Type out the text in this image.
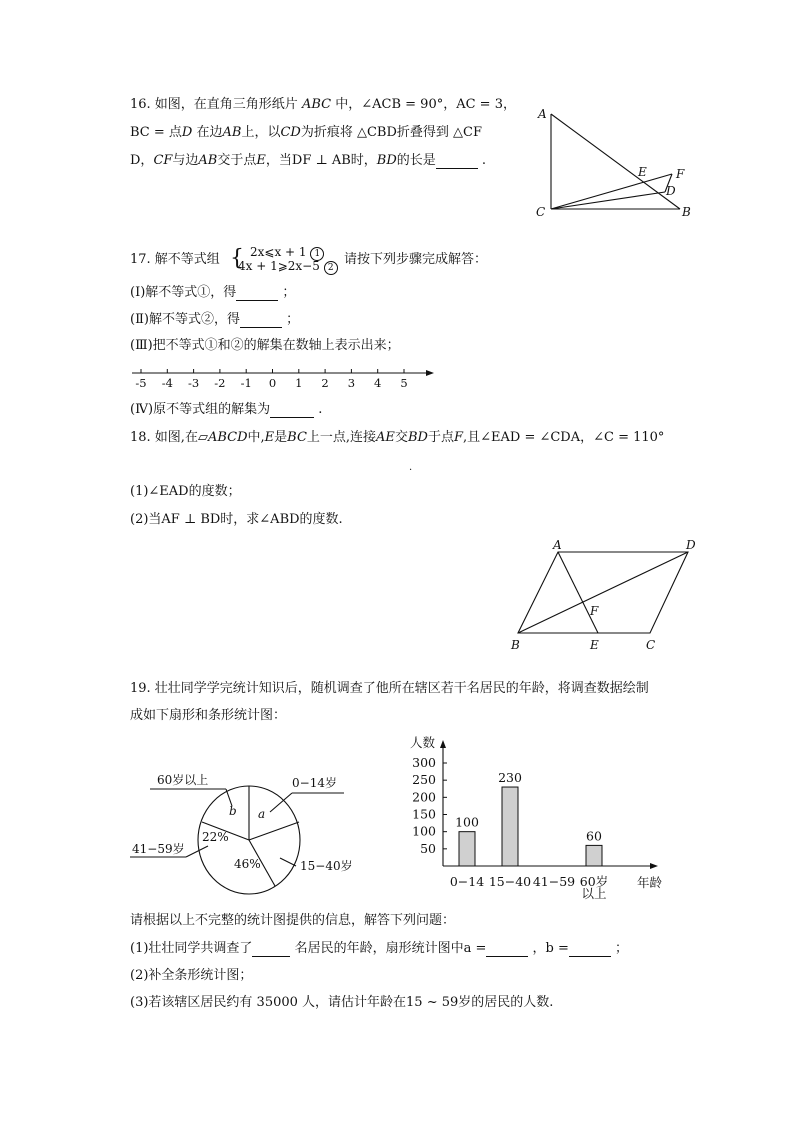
16. 如图，在直角三角形纸片 ABC 中，∠ACB = 90°，AC = 3，
BC = 点D 在边AB上，以CD为折痕将 △CBD折叠得到 △CF
D，CF与边AB交于点E，当DF ⊥ AB时，BD的长是	.
A
C	B
E F
D
17. 解不等式组 { 2x⩽x + 1 1
4x + 1⩾2x−5 2
请按下列步骤完成解答：
(Ⅰ)解不等式①，得	；
(Ⅱ)解不等式②，得	；
(Ⅲ)把不等式①和②的解集在数轴上表示出来；
-5 -4 -3 -2 -1 0 1 2 3 4 5
(Ⅳ)原不等式组的解集为	.
18. 如图,在▱ABCD中,E是BC上一点,连接AE交BD于点F,且∠EAD = ∠CDA，∠C = 110°
.
(1)∠EAD的度数；
(2)当AF ⊥ BD时，求∠ABD的度数.
A	D
F
B	E	C
19. 壮壮同学学完统计知识后，随机调查了他所在辖区若干名居民的年龄，将调查数据绘制
成如下扇形和条形统计图：
60岁以上	0−14岁
41−59岁
15−40岁
b a
22%
46%
人数
年龄
50
100
150
200
250
300
100
230
60
0−14 15−40 41−59 60岁
以上
请根据以上不完整的统计图提供的信息，解答下列问题：
(1)壮壮同学共调查了	名居民的年龄，扇形统计图中a =	，b =	；
(2)补全条形统计图；
(3)若该辖区居民约有 35000 人，请估计年龄在15 ~ 59岁的居民的人数.
